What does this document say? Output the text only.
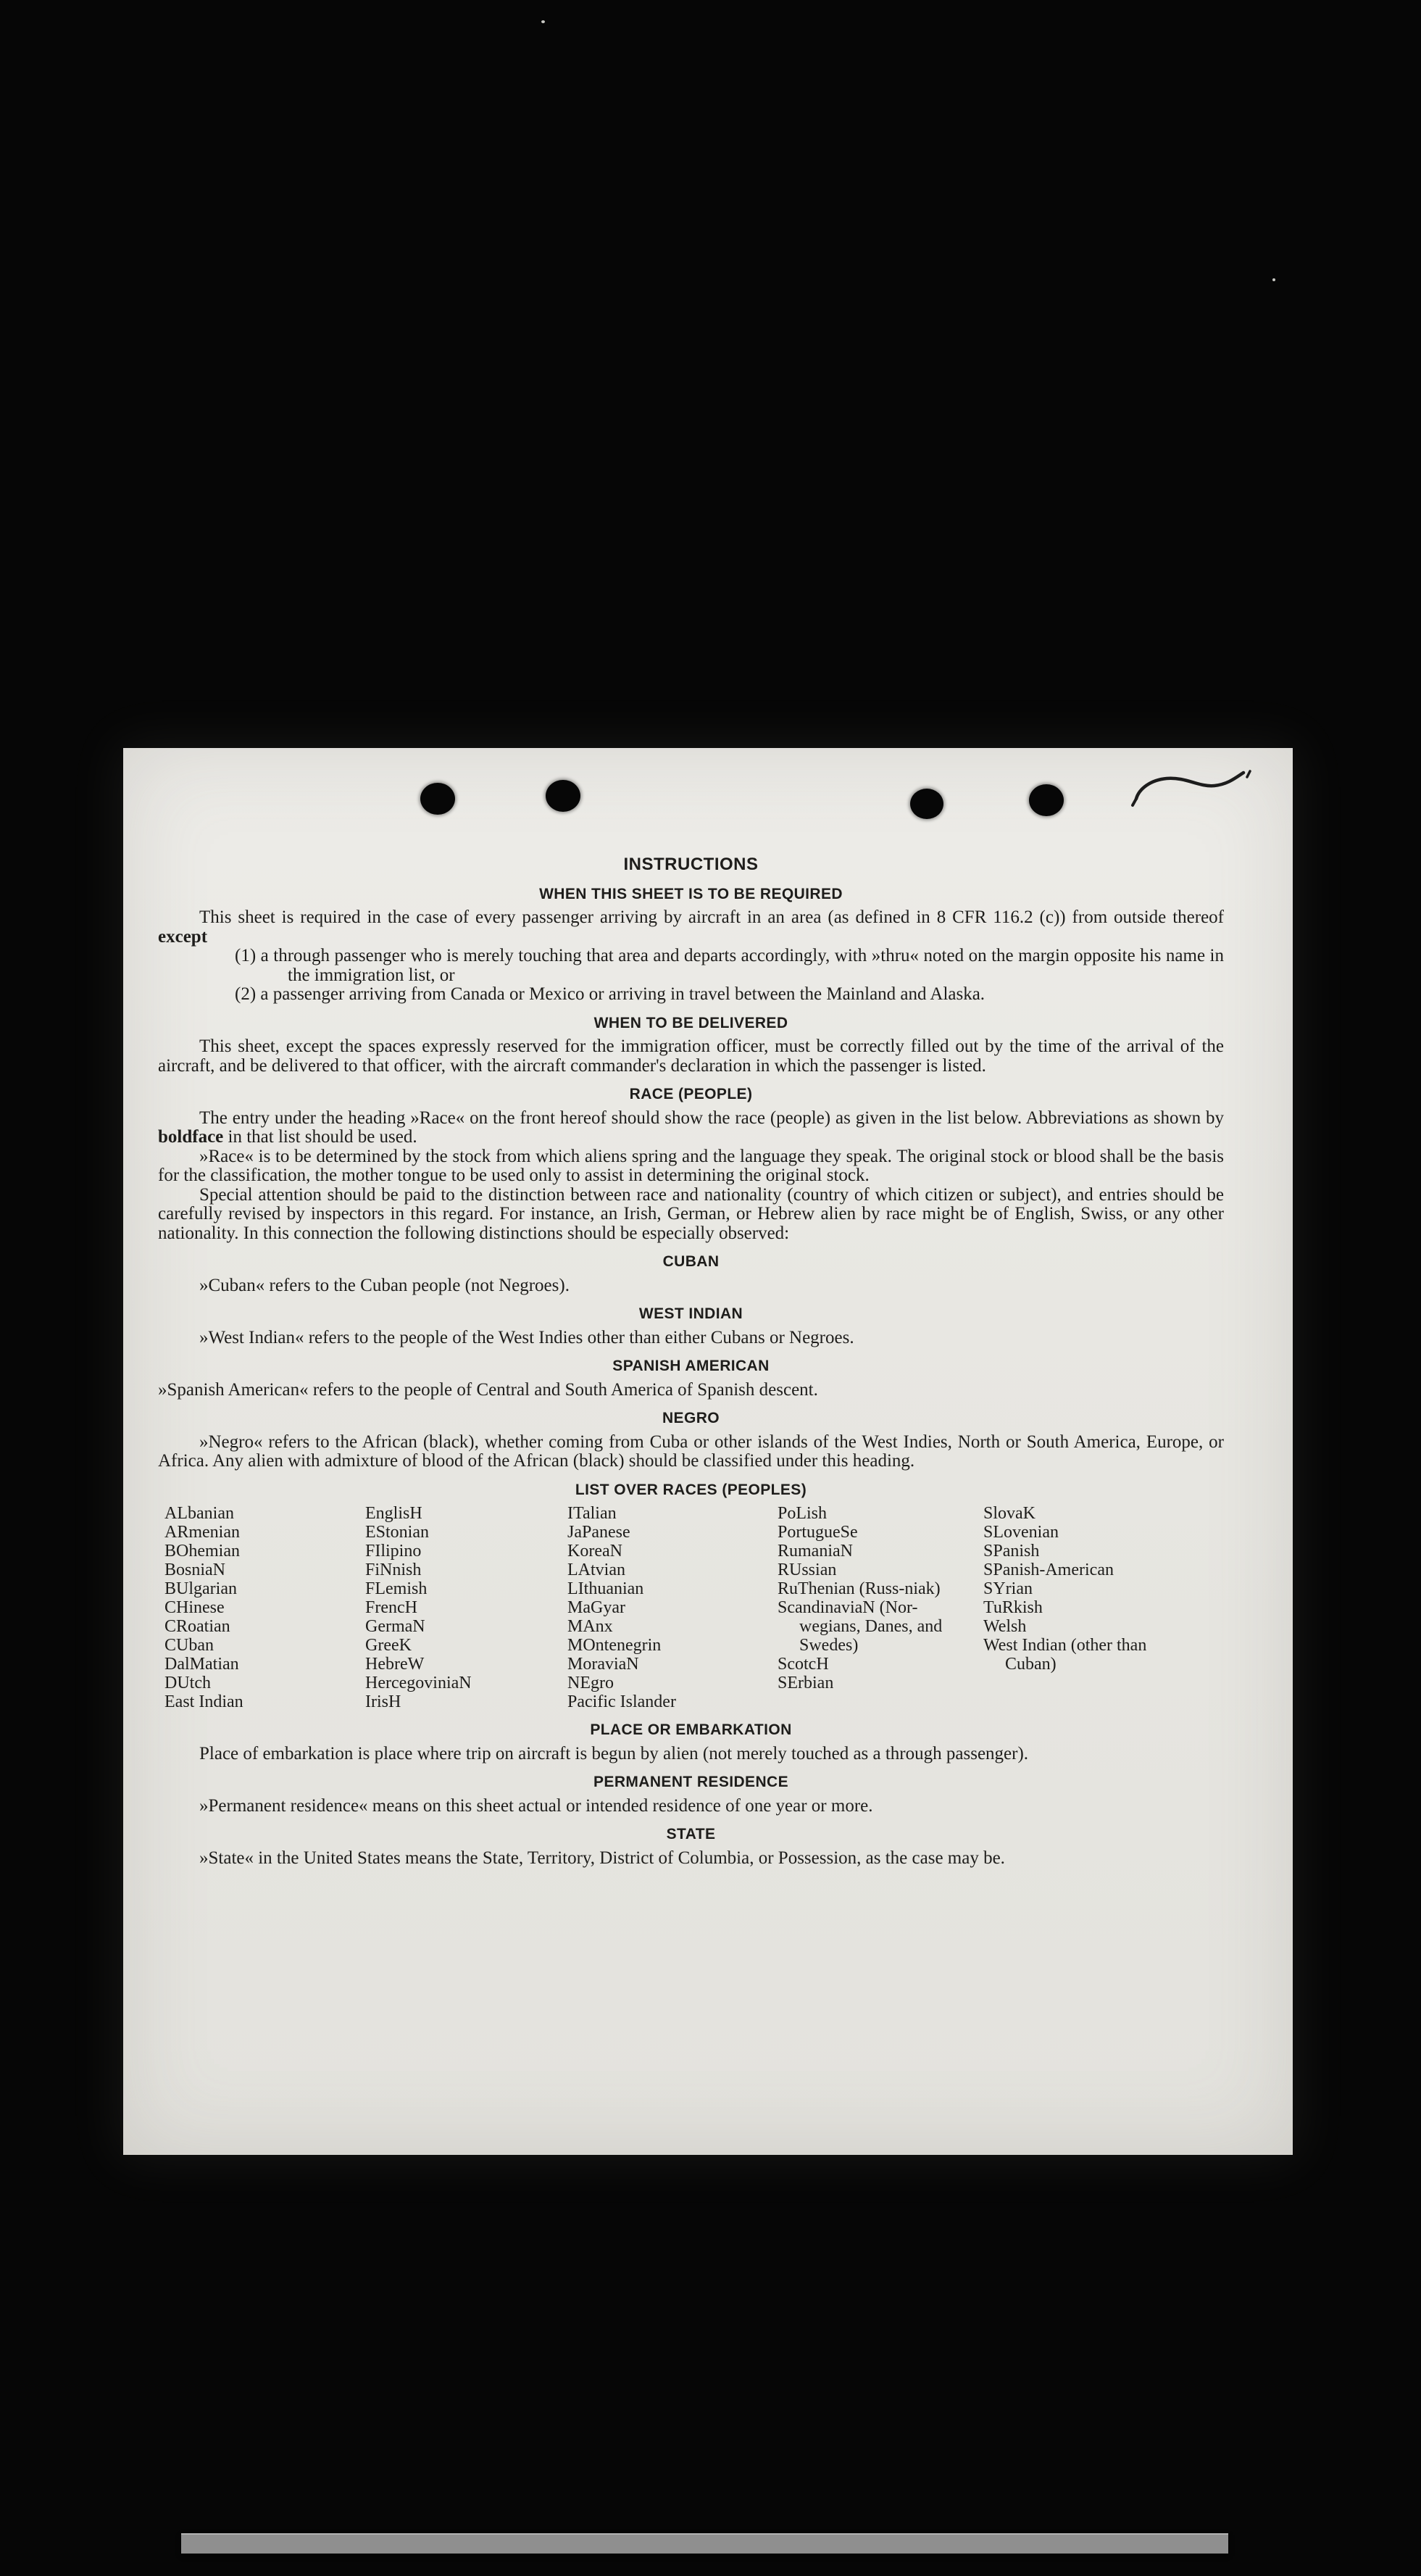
INSTRUCTIONS
WHEN THIS SHEET IS TO BE REQUIRED

This sheet is required in the case of every passenger arriving by aircraft in an area (as defined in 8 CFR 116.2 (c)) from outside thereof except

(1) a through passenger who is merely touching that area and departs accordingly, with »thru« noted on the margin opposite his name in the immigration list, or

(2) a passenger arriving from Canada or Mexico or arriving in travel between the Mainland and Alaska.

WHEN TO BE DELIVERED

This sheet, except the spaces expressly reserved for the immigration officer, must be correctly filled out by the time of the arrival of the aircraft, and be delivered to that officer, with the aircraft commander's declaration in which the passenger is listed.

RACE (PEOPLE)

The entry under the heading »Race« on the front hereof should show the race (people) as given in the list below. Abbreviations as shown by boldface in that list should be used.

»Race« is to be determined by the stock from which aliens spring and the language they speak. The original stock or blood shall be the basis for the classification, the mother tongue to be used only to assist in determining the original stock.

Special attention should be paid to the distinction between race and nationality (country of which citizen or subject), and entries should be carefully revised by inspectors in this regard. For instance, an Irish, German, or Hebrew alien by race might be of English, Swiss, or any other nationality. In this connection the following distinctions should be especially observed:

CUBAN

»Cuban« refers to the Cuban people (not Negroes).

WEST INDIAN

»West Indian« refers to the people of the West Indies other than either Cubans or Negroes.

SPANISH AMERICAN

»Spanish American« refers to the people of Central and South America of Spanish descent.

NEGRO

»Negro« refers to the African (black), whether coming from Cuba or other islands of the West Indies, North or South America, Europe, or Africa. Any alien with admixture of blood of the African (black) should be classified under this heading.

LIST OVER RACES (PEOPLES)
ALbanian
ARmenian
BOhemian
BosniaN
BUlgarian
CHinese
CRoatian
CUban
DalMatian
DUtch
East Indian
EnglisH
EStonian
FIlipino
FiNnish
FLemish
FrencH
GermaN
GreeK
HebreW
HercegoviniaN
IrisH
ITalian
JaPanese
KoreaN
LAtvian
LIthuanian
MaGyar
MAnx
MOntenegrin
MoraviaN
NEgro
Pacific Islander
PoLish
PortugueSe
RumaniaN
RUssian
RuThenian (Russ-niak)
ScandinaviaN (Nor-wegians, Danes, and Swedes)
ScotcH
SErbian
SlovaK
SLovenian
SPanish
SPanish-American
SYrian
TuRkish
Welsh
West Indian (other than Cuban)
PLACE OR EMBARKATION

Place of embarkation is place where trip on aircraft is begun by alien (not merely touched as a through passenger).

PERMANENT RESIDENCE

»Permanent residence« means on this sheet actual or intended residence of one year or more.

STATE

»State« in the United States means the State, Territory, District of Columbia, or Possession, as the case may be.
